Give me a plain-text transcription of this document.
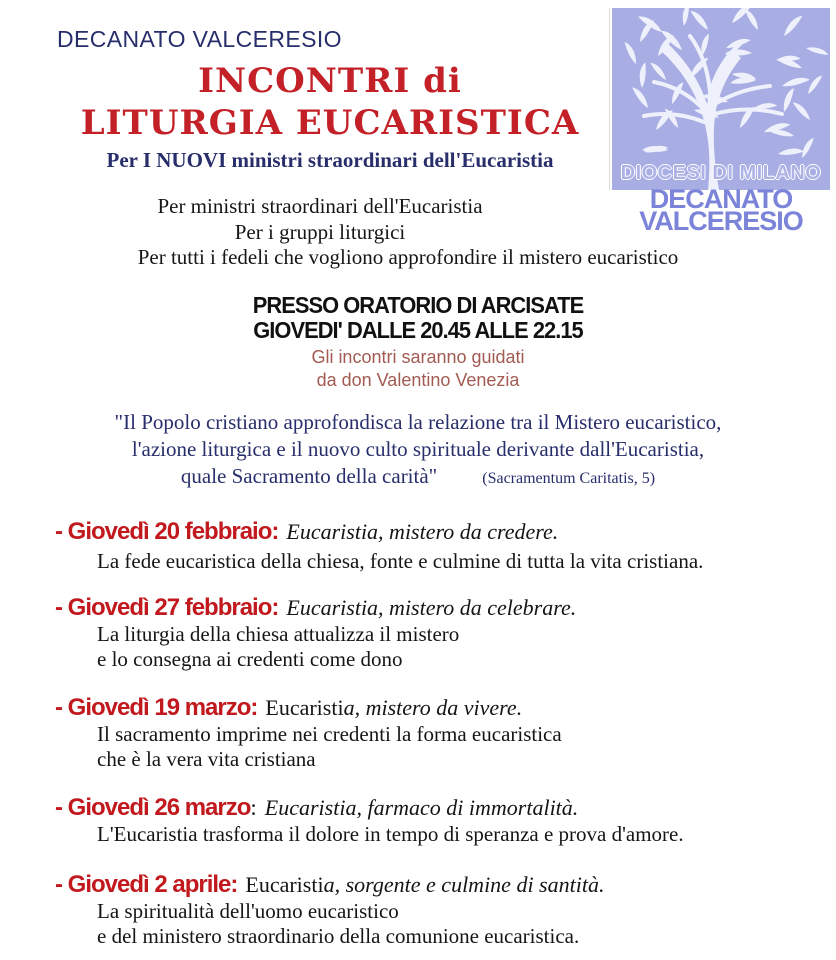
DECANATO VALCERESIO
INCONTRI di
LITURGIA EUCARISTICA
Per I NUOVI ministri straordinari dell'Eucaristia
DIOCESI DI MILANO
DECANATO
VALCERESIO
Per ministri straordinari dell'Eucaristia
Per i gruppi liturgici
Per tutti i fedeli che vogliono approfondire il mistero eucaristico
PRESSO ORATORIO DI ARCISATE
GIOVEDI' DALLE 20.45 ALLE 22.15
Gli incontri saranno guidati
da don Valentino Venezia
"Il Popolo cristiano approfondisca la relazione tra il Mistero eucaristico,
l'azione liturgica e il nuovo culto spirituale derivante dall'Eucaristia,
quale Sacramento della carità"	(Sacramentum Caritatis, 5)
- Giovedì 20 febbraio: Eucaristia, mistero da credere.
La fede eucaristica della chiesa, fonte e culmine di tutta la vita cristiana.
- Giovedì 27 febbraio: Eucaristia, mistero da celebrare.
La liturgia della chiesa attualizza il mistero
e lo consegna ai credenti come dono
- Giovedì 19 marzo: Eucaristia, mistero da vivere.
Il sacramento imprime nei credenti la forma eucaristica
che è la vera vita cristiana
- Giovedì 26 marzo: Eucaristia, farmaco di immortalità.
L'Eucaristia trasforma il dolore in tempo di speranza e prova d'amore.
- Giovedì 2 aprile: Eucaristia, sorgente e culmine di santità.
La spiritualità dell'uomo eucaristico
e del ministero straordinario della comunione eucaristica.
